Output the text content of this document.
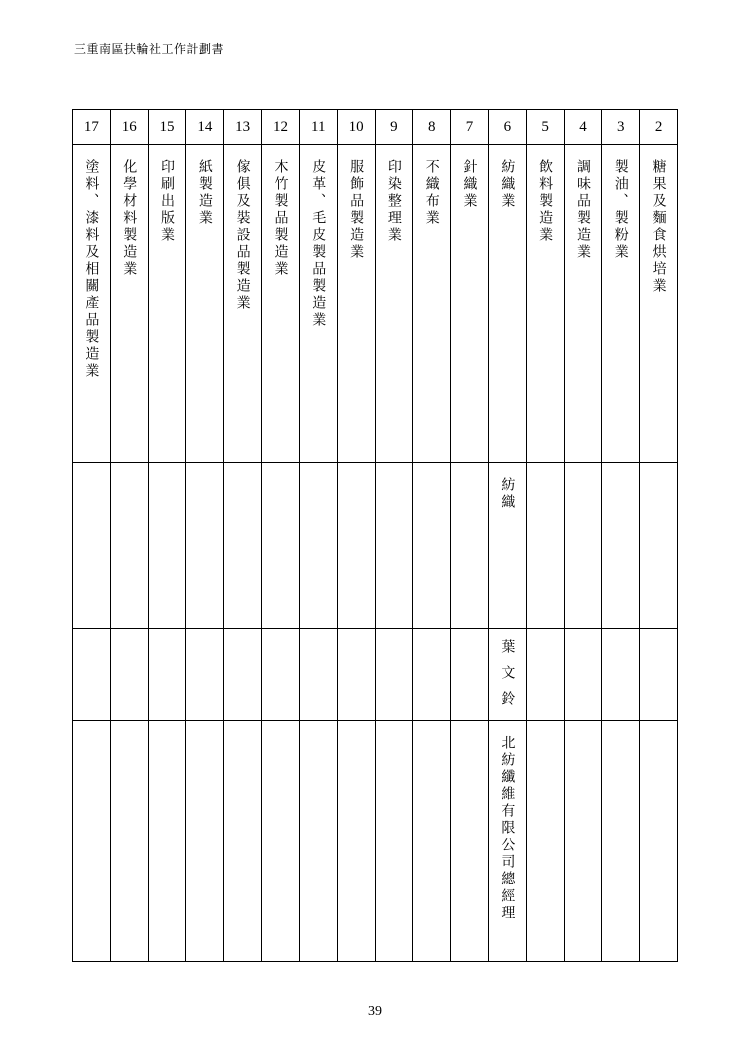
三重南區扶輪社工作計劃書
17	16	15	14	13	12	11	10	9	8	7	6	5	4	3	2

塗料、漆料及相關產品製造業	化學材料製造業	印刷出版業	紙製造業	傢俱及裝設品製造業	木竹製品製造業	皮革、毛皮製品製造業	服飾品製造業	印染整理業	不織布業	針織業	紡織業	飲料製造業	調味品製造業	製油、製粉業	糖果及麵食烘培業

											紡織				

											葉文鈴				

											北紡纖維有限公司總經理				

39
